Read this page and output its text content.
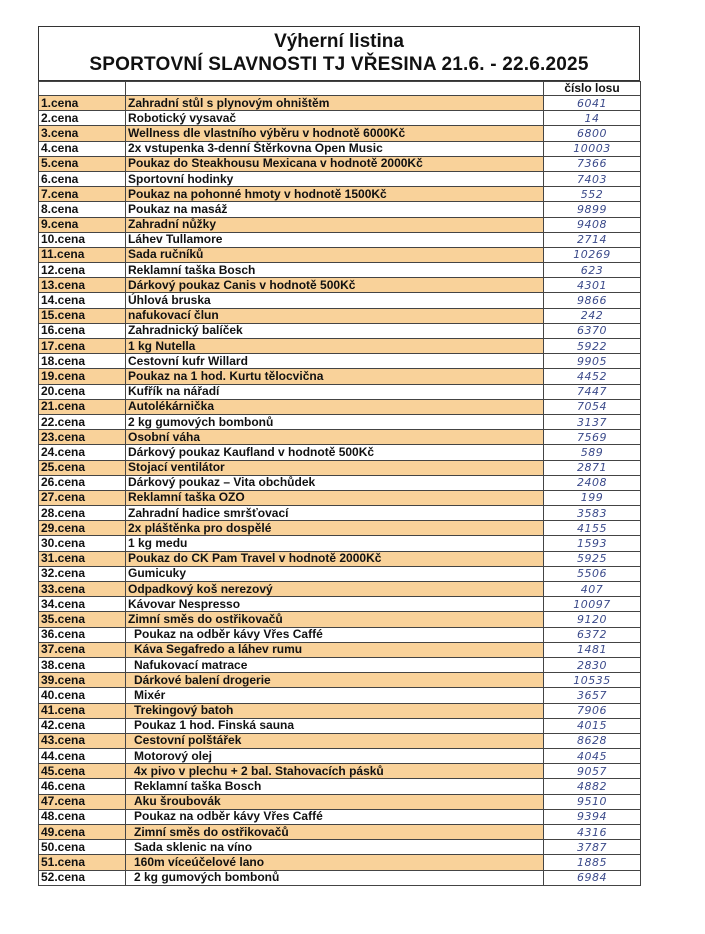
Výherní listina

SPORTOVNÍ SLAVNOSTI TJ VŘESINA 21.6. - 22.6.2025

		číslo losu
1.cena	Zahradní stůl s plynovým ohništěm	6041
2.cena	Robotický vysavač	14
3.cena	Wellness dle vlastního výběru v hodnotě 6000Kč	6800
4.cena	2x vstupenka 3-denní Štěrkovna Open Music	10003
5.cena	Poukaz do Steakhousu Mexicana v hodnotě 2000Kč	7366
6.cena	Sportovní hodinky	7403
7.cena	Poukaz na pohonné hmoty v hodnotě 1500Kč	552
8.cena	Poukaz na masáž	9899
9.cena	Zahradní nůžky	9408
10.cena	Láhev Tullamore	2714
11.cena	Sada ručníků	10269
12.cena	Reklamní taška Bosch	623
13.cena	Dárkový poukaz Canis v hodnotě 500Kč	4301
14.cena	Úhlová bruska	9866
15.cena	nafukovací člun	242
16.cena	Zahradnický balíček	6370
17.cena	1 kg Nutella	5922
18.cena	Cestovní kufr Willard	9905
19.cena	Poukaz na 1 hod. Kurtu tělocvična	4452
20.cena	Kufřík na nářadí	7447
21.cena	Autolékárnička	7054
22.cena	2 kg gumových bombonů	3137
23.cena	Osobní váha	7569
24.cena	Dárkový poukaz Kaufland v hodnotě 500Kč	589
25.cena	Stojací ventilátor	2871
26.cena	Dárkový poukaz – Vita obchůdek	2408
27.cena	Reklamní taška OZO	199
28.cena	Zahradní hadice smršťovací	3583
29.cena	2x pláštěnka pro dospělé	4155
30.cena	1 kg medu	1593
31.cena	Poukaz do CK Pam Travel v hodnotě 2000Kč	5925
32.cena	Gumicuky	5506
33.cena	Odpadkový koš nerezový	407
34.cena	Kávovar Nespresso	10097
35.cena	Zimní směs do ostřikovačů	9120
36.cena	Poukaz na odběr kávy Vřes Caffé	6372
37.cena	Káva Segafredo a láhev rumu	1481
38.cena	Nafukovací matrace	2830
39.cena	Dárkové balení drogerie	10535
40.cena	Mixér	3657
41.cena	Trekingový batoh	7906
42.cena	Poukaz 1 hod. Finská sauna	4015
43.cena	Cestovní polštářek	8628
44.cena	Motorový olej	4045
45.cena	4x pivo v plechu + 2 bal. Stahovacích pásků	9057
46.cena	Reklamní taška Bosch	4882
47.cena	Aku šroubovák	9510
48.cena	Poukaz na odběr kávy Vřes Caffé	9394
49.cena	Zimní směs do ostřikovačů	4316
50.cena	Sada sklenic na víno	3787
51.cena	160m víceúčelové lano	1885
52.cena	2 kg gumových bombonů	6984
